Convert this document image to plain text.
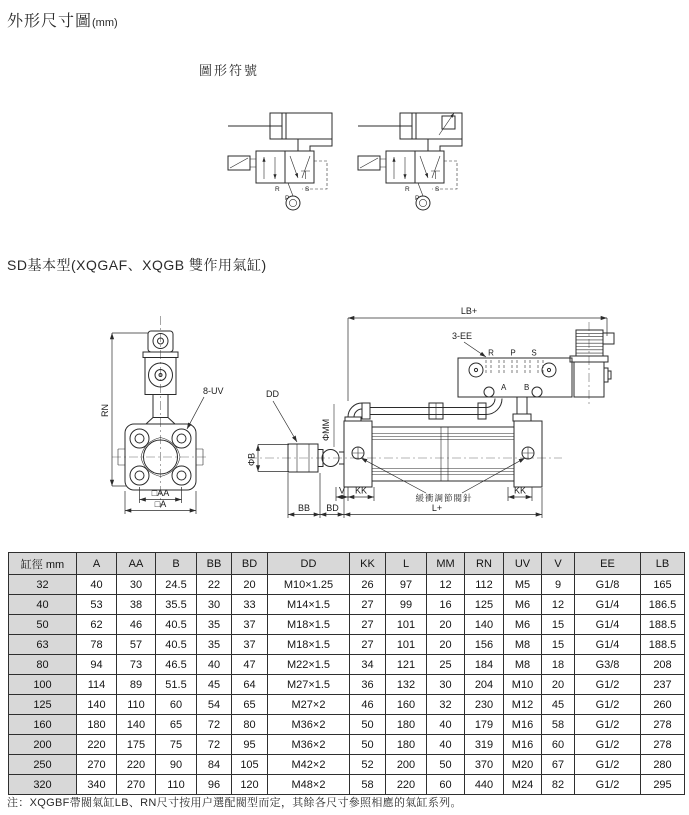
外形尺寸圖(mm)
圖形符號
R
P
S	R
P
S
SD基本型(XQGAF、XQGB 雙作用氣缸)
RN
8-UV
□AA
□A
ΦB
DD
ΦMM
BB BD
LB+
3-EE
R P S
A B
緩衝調節閥針
V KK	KK
L+
缸徑 mm	A	AA	B	BB	BD	DD	KK	L	MM	RN	UV	V	EE	LB
32	40	30	24.5	22	20	M10×1.25	26	97	12	112	M5	9	G1/8	165
40	53	38	35.5	30	33	M14×1.5	27	99	16	125	M6	12	G1/4	186.5
50	62	46	40.5	35	37	M18×1.5	27	101	20	140	M6	15	G1/4	188.5
63	78	57	40.5	35	37	M18×1.5	27	101	20	156	M8	15	G1/4	188.5
80	94	73	46.5	40	47	M22×1.5	34	121	25	184	M8	18	G3/8	208
100	114	89	51.5	45	64	M27×1.5	36	132	30	204	M10	20	G1/2	237
125	140	110	60	54	65	M27×2	46	160	32	230	M12	45	G1/2	260
160	180	140	65	72	80	M36×2	50	180	40	179	M16	58	G1/2	278
200	220	175	75	72	95	M36×2	50	180	40	319	M16	60	G1/2	278
250	270	220	90	84	105	M42×2	52	200	50	370	M20	67	G1/2	280
320	340	270	110	96	120	M48×2	58	220	60	440	M24	82	G1/2	295
注：XQGBF帶閥氣缸LB、RN尺寸按用户選配閥型而定，其餘各尺寸參照相應的氣缸系列。
